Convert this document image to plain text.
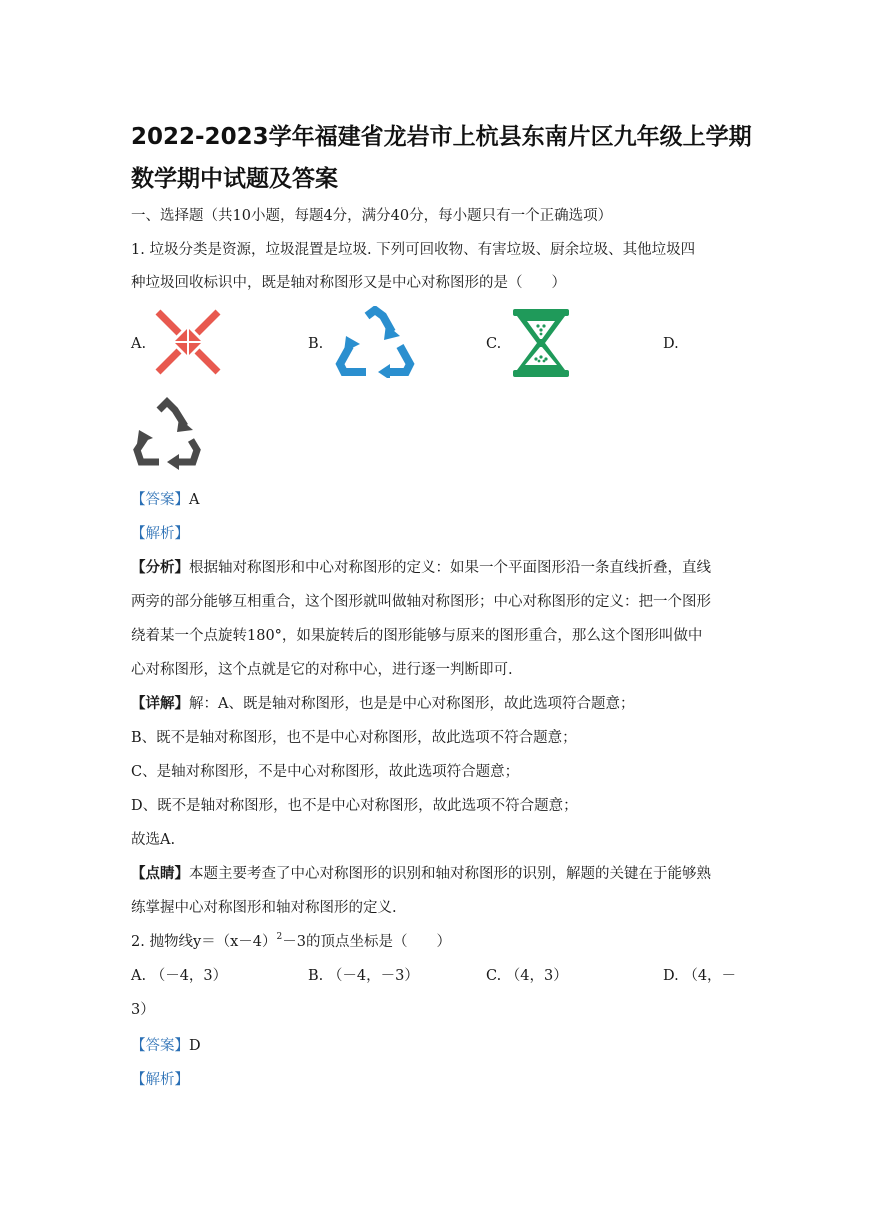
2022-2023学年福建省龙岩市上杭县东南片区九年级上学期
数学期中试题及答案
一、选择题（共10小题，每题4分，满分40分，每小题只有一个正确选项）
1. 垃圾分类是资源，垃圾混置是垃圾. 下列可回收物、有害垃圾、厨余垃圾、其他垃圾四
种垃圾回收标识中，既是轴对称图形又是中心对称图形的是（　　）
A.	B.	C.	D.
【答案】A
【解析】
【分析】根据轴对称图形和中心对称图形的定义：如果一个平面图形沿一条直线折叠，直线
两旁的部分能够互相重合，这个图形就叫做轴对称图形；中心对称图形的定义：把一个图形
绕着某一个点旋转180°，如果旋转后的图形能够与原来的图形重合，那么这个图形叫做中
心对称图形，这个点就是它的对称中心，进行逐一判断即可.
【详解】解：A、既是轴对称图形，也是是中心对称图形，故此选项符合题意；
B、既不是轴对称图形，也不是中心对称图形，故此选项不符合题意；
C、是轴对称图形，不是中心对称图形，故此选项符合题意；
D、既不是轴对称图形，也不是中心对称图形，故此选项不符合题意；
故选A.
【点睛】本题主要考查了中心对称图形的识别和轴对称图形的识别，解题的关键在于能够熟
练掌握中心对称图形和轴对称图形的定义.
2. 抛物线$y=(x-4)^2-3$的顶点坐标是（　　）
A. （－4，3）	B. （－4，－3）	C. （4，3）	D. （4，－
3）
【答案】D
【解析】
